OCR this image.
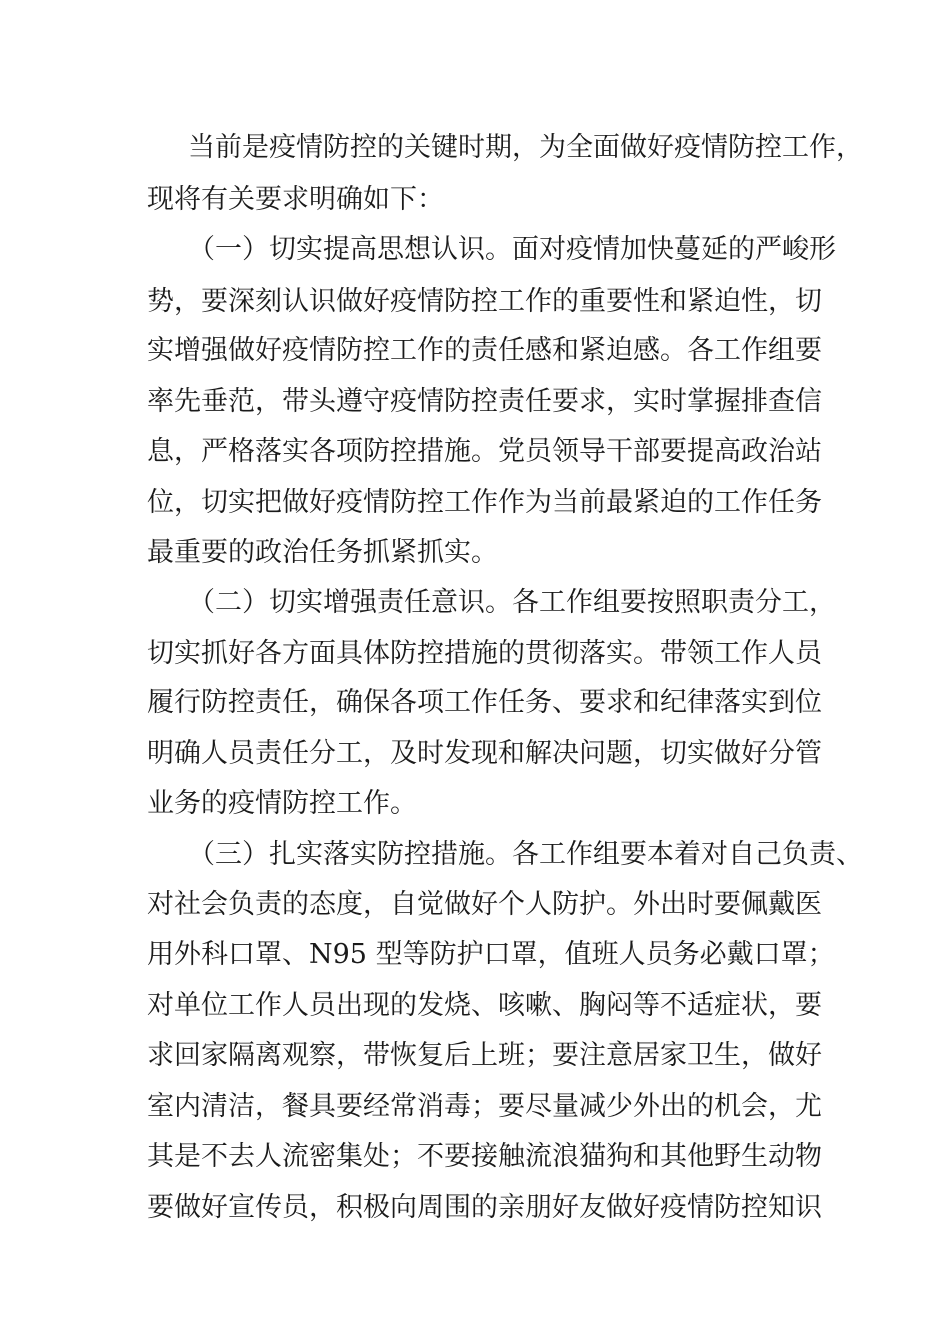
当前是疫情防控的关键时期，为全面做好疫情防控工作，
现将有关要求明确如下：
（一）切实提高思想认识。面对疫情加快蔓延的严峻形
势，要深刻认识做好疫情防控工作的重要性和紧迫性，切
实增强做好疫情防控工作的责任感和紧迫感。各工作组要
率先垂范，带头遵守疫情防控责任要求，实时掌握排查信
息，严格落实各项防控措施。党员领导干部要提高政治站
位，切实把做好疫情防控工作作为当前最紧迫的工作任务
最重要的政治任务抓紧抓实。
（二）切实增强责任意识。各工作组要按照职责分工，
切实抓好各方面具体防控措施的贯彻落实。带领工作人员
履行防控责任，确保各项工作任务、要求和纪律落实到位
明确人员责任分工，及时发现和解决问题，切实做好分管
业务的疫情防控工作。
（三）扎实落实防控措施。各工作组要本着对自己负责、
对社会负责的态度，自觉做好个人防护。外出时要佩戴医
用外科口罩、N95 型等防护口罩，值班人员务必戴口罩；
对单位工作人员出现的发烧、咳嗽、胸闷等不适症状，要
求回家隔离观察，带恢复后上班；要注意居家卫生，做好
室内清洁，餐具要经常消毒；要尽量减少外出的机会，尤
其是不去人流密集处；不要接触流浪猫狗和其他野生动物
要做好宣传员，积极向周围的亲朋好友做好疫情防控知识
